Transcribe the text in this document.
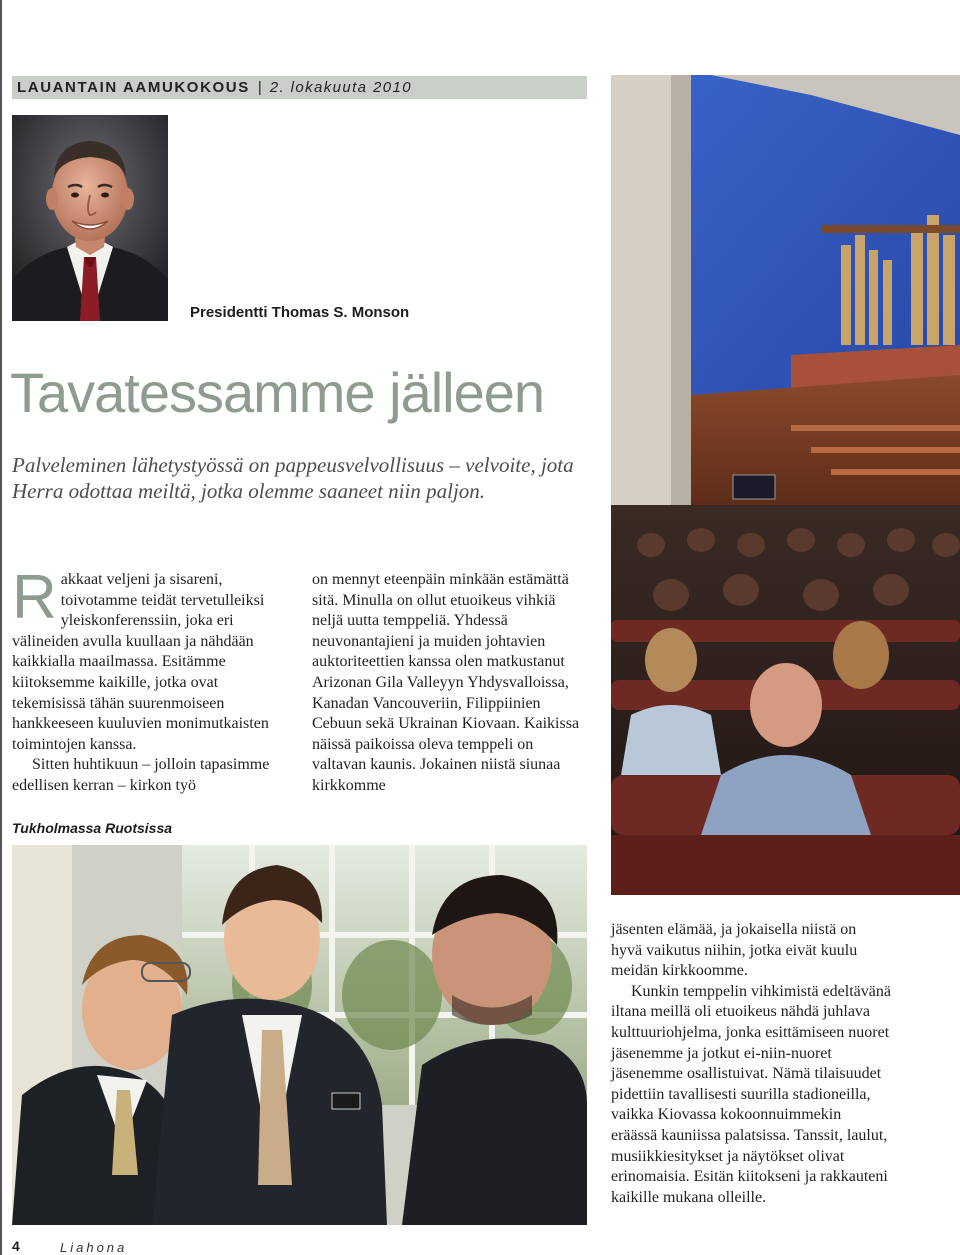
LAUANTAIN AAMUKOKOUS | 2. lokakuuta 2010
Presidentti Thomas S. Monson
Tavatessamme jälleen
Palveleminen lähetystyössä on pappeusvelvollisuus – velvoite, jota Herra odottaa meiltä, jotka olemme saaneet niin paljon.

Rakkaat veljeni ja sisareni, toivotamme teidät tervetulleiksi yleiskonferenssiin, joka eri välineiden avulla kuullaan ja nähdään kaikkialla maailmassa. Esitämme kiitoksemme kaikille, jotka ovat tekemisissä tähän suurenmoiseen hankkeeseen kuuluvien monimutkaisten toimintojen kanssa.

Sitten huhtikuun – jolloin tapasimme edellisen kerran – kirkon työ

on mennyt eteenpäin minkään estämättä sitä. Minulla on ollut etuoikeus vihkiä neljä uutta temppeliä. Yhdessä neuvonantajieni ja muiden johtavien auktoriteettien kanssa olen matkustanut Arizonan Gila Valleyyn Yhdysvalloissa, Kanadan Vancouveriin, Filippiinien Cebuun sekä Ukrainan Kiovaan. Kaikissa näissä paikoissa oleva temppeli on valtavan kaunis. Jokainen niistä siunaa kirkkomme

Tukholmassa Ruotsissa

jäsenten elämää, ja jokaisella niistä on hyvä vaikutus niihin, jotka eivät kuulu meidän kirkkoomme.

Kunkin temppelin vihkimistä edeltävänä iltana meillä oli etuoikeus nähdä juhlava kulttuuriohjelma, jonka esittämiseen nuoret jäsenemme ja jotkut ei-niin-nuoret jäsenemme osallistuivat. Nämä tilaisuudet pidettiin tavallisesti suurilla stadioneilla, vaikka Kiovassa kokoonnuimmekin eräässä kauniissa palatsissa. Tanssit, laulut, musiikkiesitykset ja näytökset olivat erinomaisia. Esitän kiitokseni ja rakkauteni kaikille mukana olleille.

4	Liahona
